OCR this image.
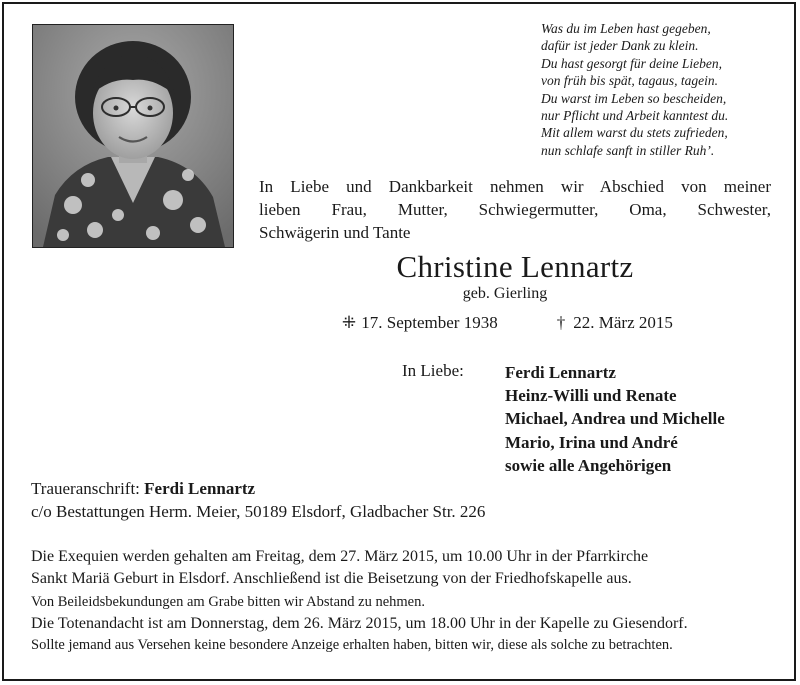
Was du im Leben hast gegeben,
dafür ist jeder Dank zu klein.
Du hast gesorgt für deine Lieben,
von früh bis spät, tagaus, tagein.
Du warst im Leben so bescheiden,
nur Pflicht und Arbeit kanntest du.
Mit allem warst du stets zufrieden,
nun schlafe sanft in stiller Ruh’.
In Liebe und Dankbarkeit nehmen wir Abschied von meiner
lieben Frau, Mutter, Schwiegermutter, Oma, Schwester,
Schwägerin und Tante
Christine Lennartz
geb. Gierling
⁜ 17. September 1938	† 22. März 2015
In Liebe: Ferdi Lennartz
Heinz-Willi und Renate
Michael, Andrea und Michelle
Mario, Irina und André
sowie alle Angehörigen
Traueranschrift: Ferdi Lennartz
c/o Bestattungen Herm. Meier, 50189 Elsdorf, Gladbacher Str. 226
Die Exequien werden gehalten am Freitag, dem 27. März 2015, um 10.00 Uhr in der Pfarrkirche
Sankt Mariä Geburt in Elsdorf. Anschließend ist die Beisetzung von der Friedhofskapelle aus.
Von Beileidsbekundungen am Grabe bitten wir Abstand zu nehmen.
Die Totenandacht ist am Donnerstag, dem 26. März 2015, um 18.00 Uhr in der Kapelle zu Giesendorf.
Sollte jemand aus Versehen keine besondere Anzeige erhalten haben, bitten wir, diese als solche zu betrachten.
